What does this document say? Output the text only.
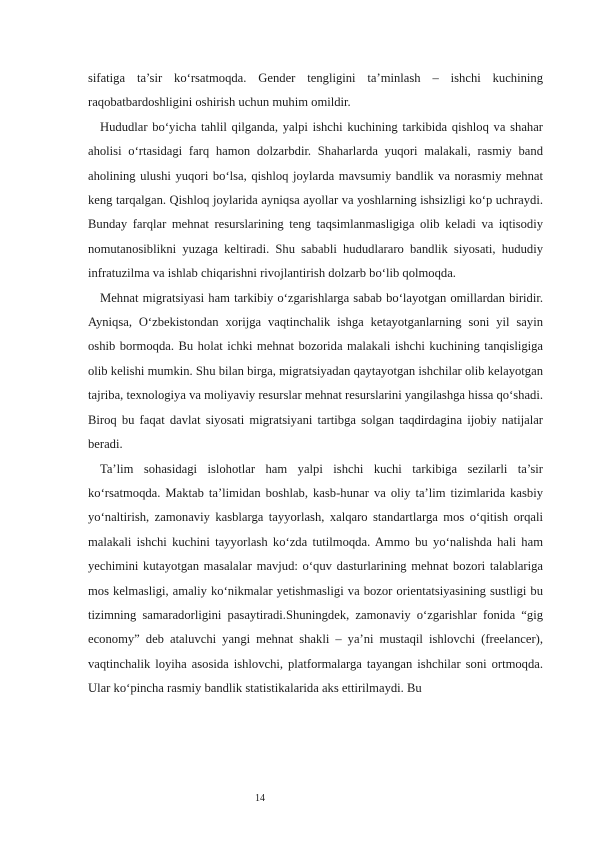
sifatiga ta’sir ko‘rsatmoqda. Gender tengligini ta’minlash – ishchi kuchining raqobatbardoshligini oshirish uchun muhim omildir.

Hududlar bo‘yicha tahlil qilganda, yalpi ishchi kuchining tarkibida qishloq va shahar aholisi o‘rtasidagi farq hamon dolzarbdir. Shaharlarda yuqori malakali, rasmiy band aholining ulushi yuqori bo‘lsa, qishloq joylarda mavsumiy bandlik va norasmiy mehnat keng tarqalgan. Qishloq joylarida ayniqsa ayollar va yoshlarning ishsizligi ko‘p uchraydi. Bunday farqlar mehnat resurslarining teng taqsimlanmasligiga olib keladi va iqtisodiy nomutanosiblikni yuzaga keltiradi. Shu sababli hududlararo bandlik siyosati, hududiy infratuzilma va ishlab chiqarishni rivojlantirish dolzarb bo‘lib qolmoqda.

Mehnat migratsiyasi ham tarkibiy o‘zgarishlarga sabab bo‘layotgan omillardan biridir. Ayniqsa, O‘zbekistondan xorijga vaqtinchalik ishga ketayotganlarning soni yil sayin oshib bormoqda. Bu holat ichki mehnat bozorida malakali ishchi kuchining tanqisligiga olib kelishi mumkin. Shu bilan birga, migratsiyadan qaytayotgan ishchilar olib kelayotgan tajriba, texnologiya va moliyaviy resurslar mehnat resurslarini yangilashga hissa qo‘shadi. Biroq bu faqat davlat siyosati migratsiyani tartibga solgan taqdirdagina ijobiy natijalar beradi.

Ta’lim sohasidagi islohotlar ham yalpi ishchi kuchi tarkibiga sezilarli ta’sir ko‘rsatmoqda. Maktab ta’limidan boshlab, kasb-hunar va oliy ta’lim tizimlarida kasbiy yo‘naltirish, zamonaviy kasblarga tayyorlash, xalqaro standartlarga mos o‘qitish orqali malakali ishchi kuchini tayyorlash ko‘zda tutilmoqda. Ammo bu yo‘nalishda hali ham yechimini kutayotgan masalalar mavjud: o‘quv dasturlarining mehnat bozori talablariga mos kelmasligi, amaliy ko‘nikmalar yetishmasligi va bozor orientatsiyasining sustligi bu tizimning samaradorligini pasaytiradi.Shuningdek, zamonaviy o‘zgarishlar fonida “gig economy” deb ataluvchi yangi mehnat shakli – ya’ni mustaqil ishlovchi (freelancer), vaqtinchalik loyiha asosida ishlovchi, platformalarga tayangan ishchilar soni ortmoqda. Ular ko‘pincha rasmiy bandlik statistikalarida aks ettirilmaydi. Bu

14
